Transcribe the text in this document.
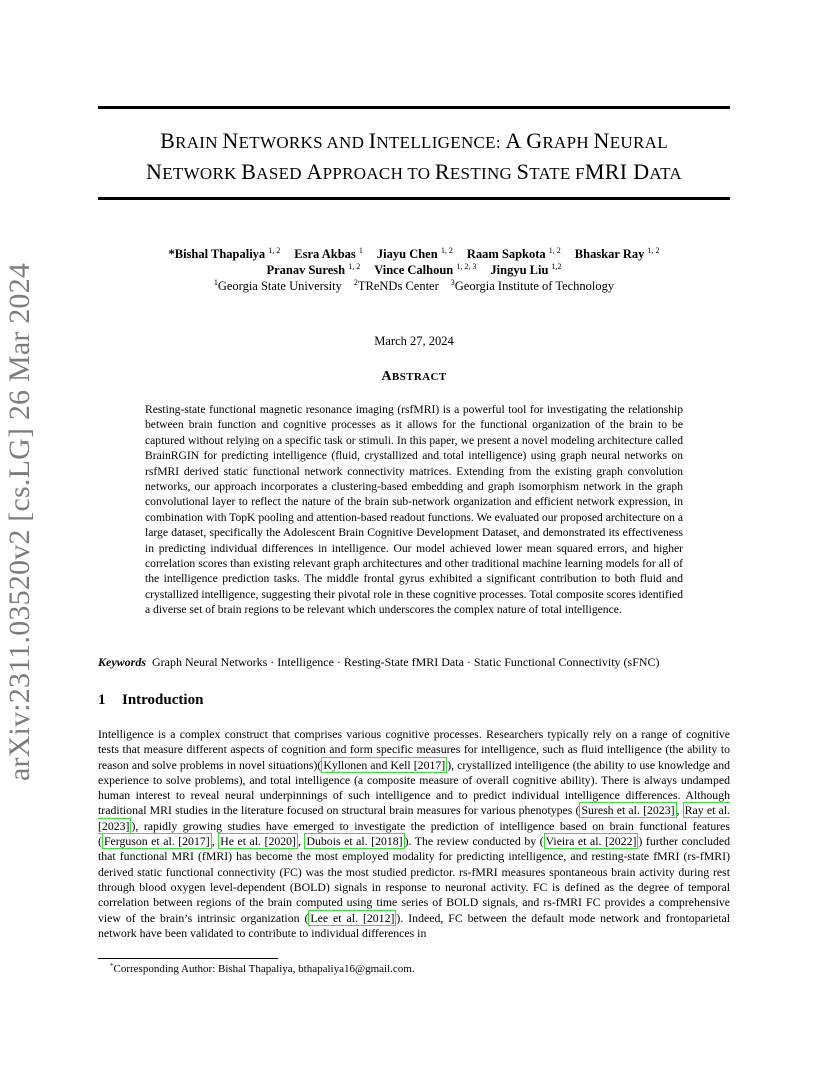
arXiv:2311.03520v2 [cs.LG] 26 Mar 2024
BRAIN NETWORKS AND INTELLIGENCE: A GRAPH NEURAL
NETWORK BASED APPROACH TO RESTING STATE FMRI DATA
*Bishal Thapaliya $^{1, 2}$ Esra Akbas $^1$ Jiayu Chen $^{1, 2}$ Raam Sapkota $^{1, 2}$ Bhaskar Ray $^{1, 2}$
Pranav Suresh $^{1, 2}$ Vince Calhoun $^{1, 2, 3}$ Jingyu Liu $^{1,2}$
$^1$Georgia State University $^2$TReNDs Center $^3$Georgia Institute of Technology
March 27, 2024
ABSTRACT
Resting-state functional magnetic resonance imaging (rsfMRI) is a powerful tool for investigating the relationship between brain function and cognitive processes as it allows for the functional organization of the brain to be captured without relying on a specific task or stimuli. In this paper, we present a novel modeling architecture called BrainRGIN for predicting intelligence (fluid, crystallized and total intelligence) using graph neural networks on rsfMRI derived static functional network connectivity matrices. Extending from the existing graph convolution networks, our approach incorporates a clustering-based embedding and graph isomorphism network in the graph convolutional layer to reflect the nature of the brain sub-network organization and efficient network expression, in combination with TopK pooling and attention-based readout functions. We evaluated our proposed architecture on a large dataset, specifically the Adolescent Brain Cognitive Development Dataset, and demonstrated its effectiveness in predicting individual differences in intelligence. Our model achieved lower mean squared errors, and higher correlation scores than existing relevant graph architectures and other traditional machine learning models for all of the intelligence prediction tasks. The middle frontal gyrus exhibited a significant contribution to both fluid and crystallized intelligence, suggesting their pivotal role in these cognitive processes. Total composite scores identified a diverse set of brain regions to be relevant which underscores the complex nature of total intelligence.
Keywords Graph Neural Networks · Intelligence · Resting-State fMRI Data · Static Functional Connectivity (sFNC)
1 Introduction
Intelligence is a complex construct that comprises various cognitive processes. Researchers typically rely on a range of cognitive tests that measure different aspects of cognition and form specific measures for intelligence, such as fluid intelligence (the ability to reason and solve problems in novel situations)( Kyllonen and Kell [2017] ), crystallized intelligence (the ability to use knowledge and experience to solve problems), and total intelligence (a composite measure of overall cognitive ability). There is always undamped human interest to reveal neural underpinnings of such intelligence and to predict individual intelligence differences. Although traditional MRI studies in the literature focused on structural brain measures for various phenotypes ( Suresh et al. [2023] , Ray et al. [2023] ), rapidly growing studies have emerged to investigate the prediction of intelligence based on brain functional features ( Ferguson et al. [2017] , He et al. [2020] , Dubois et al. [2018] ). The review conducted by ( Vieira et al. [2022] ) further concluded that functional MRI (fMRI) has become the most employed modality for predicting intelligence, and resting-state fMRI (rs-fMRI) derived static functional connectivity (FC) was the most studied predictor. rs-fMRI measures spontaneous brain activity during rest through blood oxygen level-dependent (BOLD) signals in response to neuronal activity. FC is defined as the degree of temporal correlation between regions of the brain computed using time series of BOLD signals, and rs-fMRI FC provides a comprehensive view of the brain’s intrinsic organization ( Lee et al. [2012] ). Indeed, FC between the default mode network and frontoparietal network have been validated to contribute to individual differences in
*Corresponding Author: Bishal Thapaliya, bthapaliya16@gmail.com.
